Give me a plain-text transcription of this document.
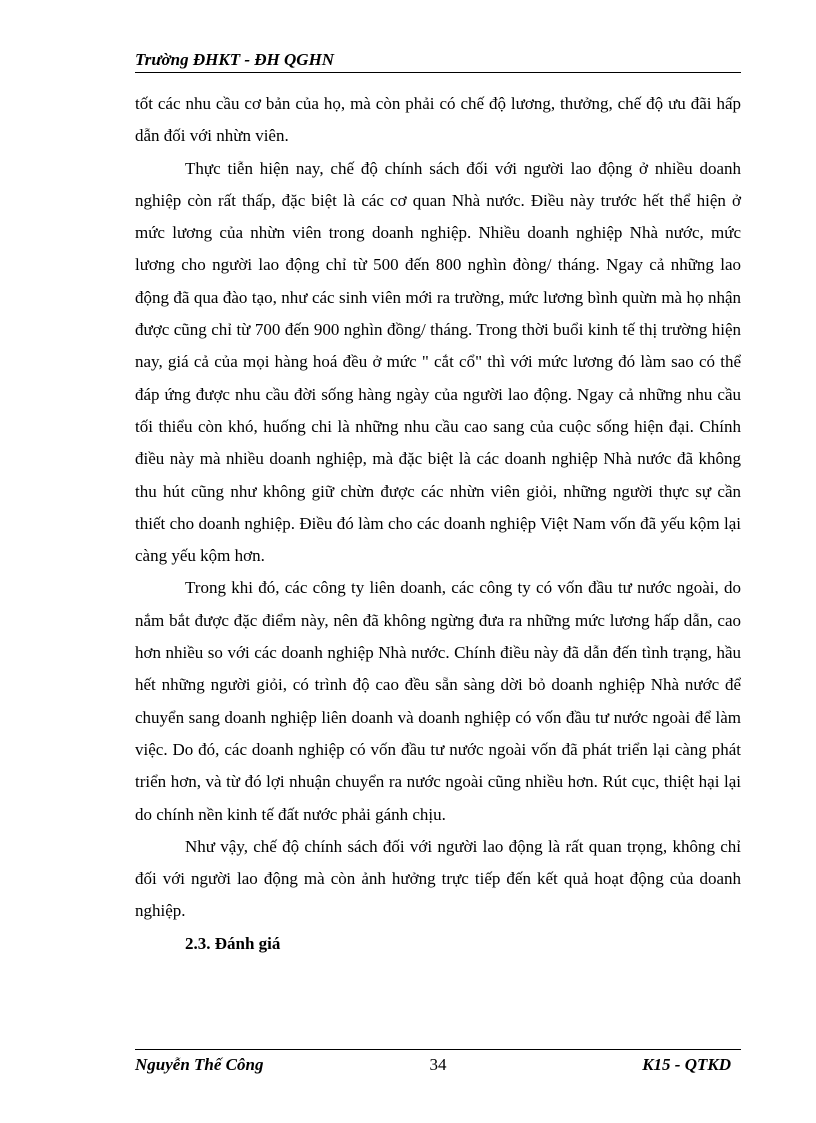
Trường ĐHKT - ĐH QGHN

tốt các nhu cầu cơ bản của họ, mà còn phải có chế độ lương, thưởng, chế độ ưu đãi hấp dẫn đối với nhừn viên.

Thực tiễn hiện nay, chế độ chính sách đối với người lao động ở nhiều doanh nghiệp còn rất thấp, đặc biệt là các cơ quan Nhà nước. Điều này trước hết thể hiện ở mức lương của nhừn viên trong doanh nghiệp. Nhiều doanh nghiệp Nhà nước, mức lương cho người lao động chỉ từ 500 đến 800 nghìn đòng/ tháng. Ngay cả những lao động đã qua đào tạo, như các sinh viên mới ra trường, mức lương bình quừn mà họ nhận được cũng chỉ từ 700 đến 900 nghìn đồng/ tháng. Trong thời buổi kinh tế thị trường hiện nay, giá cả của mọi hàng hoá đều ở mức " cắt cổ" thì với mức lương đó làm sao có thể đáp ứng được nhu cầu đời sống hàng ngày của người lao động. Ngay cả những nhu cầu tối thiểu còn khó, huống chi là những nhu cầu cao sang của cuộc sống hiện đại. Chính điều này mà nhiều doanh nghiệp, mà đặc biệt là các doanh nghiệp Nhà nước đã không thu hút cũng như không giữ chừn được các nhừn viên giỏi, những người thực sự cần thiết cho doanh nghiệp. Điều đó làm cho các doanh nghiệp Việt Nam vốn đã yếu kộm lại càng yếu kộm hơn.

Trong khi đó, các công ty liên doanh, các công ty có vốn đầu tư nước ngoài, do nắm bắt được đặc điểm này, nên đã không ngừng đưa ra những mức lương hấp dẫn, cao hơn nhiều so với các doanh nghiệp Nhà nước. Chính điều này đã dẫn đến tình trạng, hầu hết những người giỏi, có trình độ cao đều sẵn sàng dời bỏ doanh nghiệp Nhà nước để chuyển sang doanh nghiệp liên doanh và doanh nghiệp có vốn đầu tư nước ngoài để làm việc. Do đó, các doanh nghiệp có vốn đầu tư nước ngoài vốn đã phát triển lại càng phát triển hơn, và từ đó lợi nhuận chuyển ra nước ngoài cũng nhiều hơn. Rút cục, thiệt hại lại do chính nền kinh tế đất nước phải gánh chịu.

Như vậy, chế độ chính sách đối với người lao động là rất quan trọng, không chỉ đối với người lao động mà còn ảnh hưởng trực tiếp đến kết quả hoạt động của doanh nghiệp.

2.3. Đánh giá

Nguyễn Thế Công	34	K15 - QTKD
